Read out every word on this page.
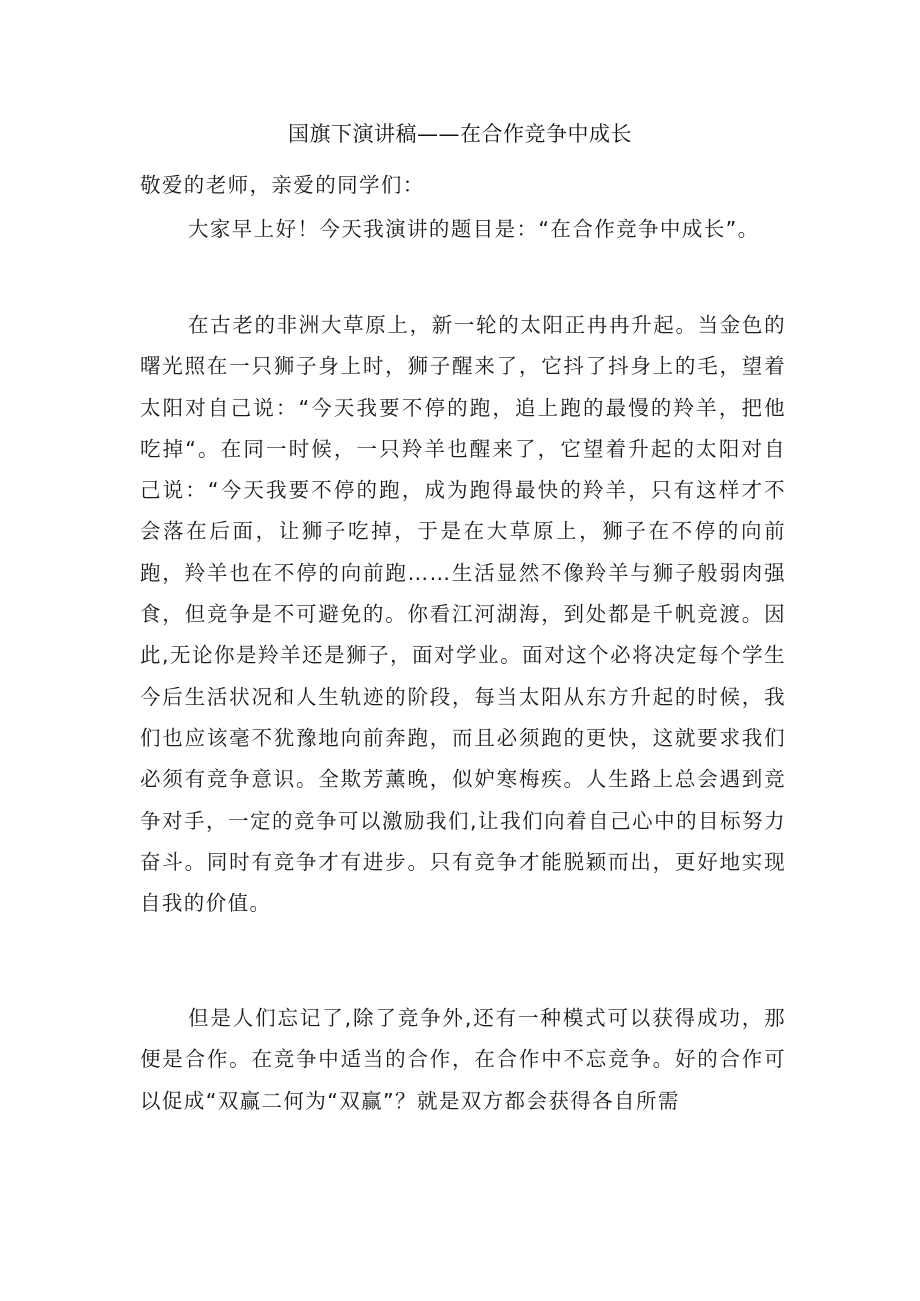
国旗下演讲稿——在合作竞争中成长

敬爱的老师，亲爱的同学们：

大家早上好！今天我演讲的题目是：“在合作竞争中成长”。

在古老的非洲大草原上，新一轮的太阳正冉冉升起。当金色的曙光照在一只狮子身上时，狮子醒来了，它抖了抖身上的毛，望着太阳对自己说：“今天我要不停的跑，追上跑的最慢的羚羊，把他吃掉“。在同一时候，一只羚羊也醒来了，它望着升起的太阳对自己说：“今天我要不停的跑，成为跑得最快的羚羊，只有这样才不会落在后面，让狮子吃掉，于是在大草原上，狮子在不停的向前跑，羚羊也在不停的向前跑……生活显然不像羚羊与狮子般弱肉强食，但竞争是不可避免的。你看江河湖海，到处都是千帆竞渡。因此,无论你是羚羊还是狮子，面对学业。面对这个必将决定每个学生今后生活状况和人生轨迹的阶段，每当太阳从东方升起的时候，我们也应该毫不犹豫地向前奔跑，而且必须跑的更快，这就要求我们必须有竞争意识。全欺芳薰晚，似妒寒梅疾。人生路上总会遇到竞争对手，一定的竞争可以激励我们,让我们向着自己心中的目标努力奋斗。同时有竞争才有进步。只有竞争才能脱颖而出，更好地实现自我的价值。

但是人们忘记了,除了竞争外,还有一种模式可以获得成功，那便是合作。在竞争中适当的合作，在合作中不忘竞争。好的合作可以促成“双赢二何为“双赢”？就是双方都会获得各自所需
